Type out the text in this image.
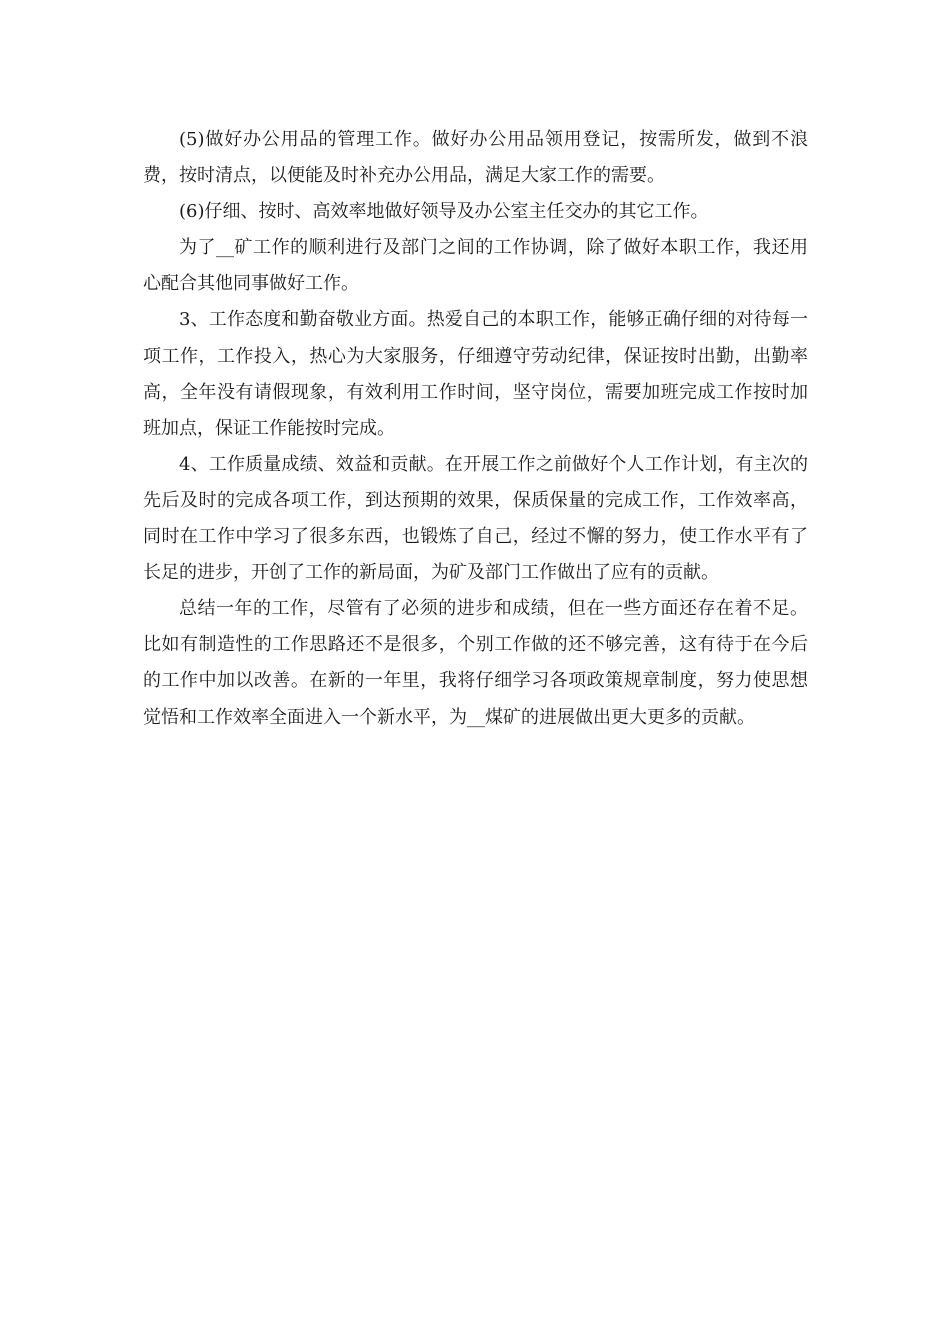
(5)做好办公用品的管理工作。做好办公用品领用登记，按需所发，做到不浪费，按时清点，以便能及时补充办公用品，满足大家工作的需要。

(6)仔细、按时、高效率地做好领导及办公室主任交办的其它工作。

为了__矿工作的顺利进行及部门之间的工作协调，除了做好本职工作，我还用心配合其他同事做好工作。

3、工作态度和勤奋敬业方面。热爱自己的本职工作，能够正确仔细的对待每一项工作，工作投入，热心为大家服务，仔细遵守劳动纪律，保证按时出勤，出勤率高，全年没有请假现象，有效利用工作时间，坚守岗位，需要加班完成工作按时加班加点，保证工作能按时完成。

4、工作质量成绩、效益和贡献。在开展工作之前做好个人工作计划，有主次的先后及时的完成各项工作，到达预期的效果，保质保量的完成工作，工作效率高，同时在工作中学习了很多东西，也锻炼了自己，经过不懈的努力，使工作水平有了长足的进步，开创了工作的新局面，为矿及部门工作做出了应有的贡献。

总结一年的工作，尽管有了必须的进步和成绩，但在一些方面还存在着不足。比如有制造性的工作思路还不是很多，个别工作做的还不够完善，这有待于在今后的工作中加以改善。在新的一年里，我将仔细学习各项政策规章制度，努力使思想觉悟和工作效率全面进入一个新水平，为__煤矿的进展做出更大更多的贡献。
